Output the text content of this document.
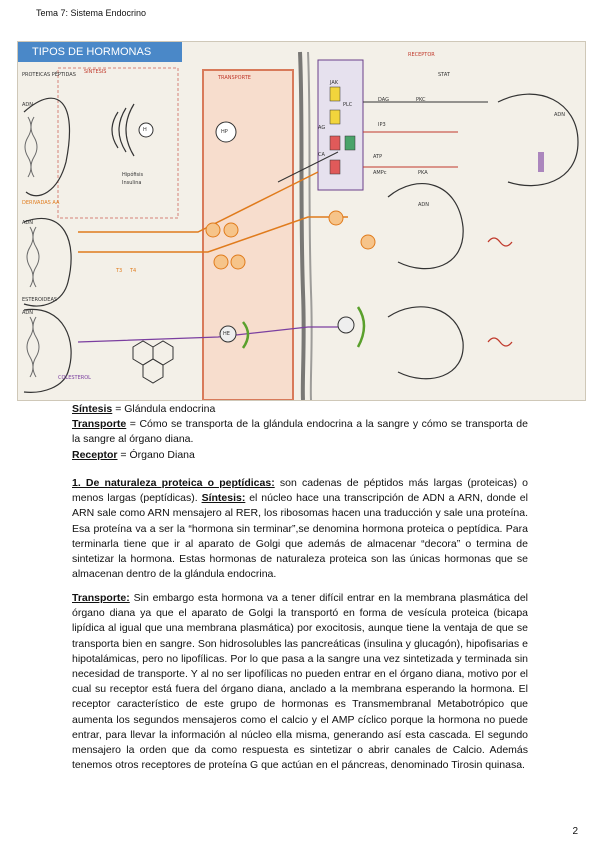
Tema 7: Sistema Endocrino
TIPOS DE HORMONAS
PROTEICAS PÉPTIDAS SÍNTESIS
TRANSPORTE
RECEPTOR
DERIVADAS AA
ESTEROIDEAS
ADN
ADN
ADN
ADN
ADN
AG
CA	ATP
AMPc	PKA
JAK
STAT
PLC
IP3
DAG	PKC
T3 T4
HP
H
HE
COLESTEROL
Hipófisis
Insulina

Síntesis = Glándula endocrina

Transporte = Cómo se transporta de la glándula endocrina a la sangre y cómo se transporta de la sangre al órgano diana.

Receptor = Órgano Diana

1. De naturaleza proteica o peptídicas: son cadenas de péptidos más largas (proteicas) o menos largas (peptídicas). Síntesis: el núcleo hace una transcripción de ADN a ARN, donde el ARN sale como ARN mensajero al RER, los ribosomas hacen una traducción y sale una proteína. Esa proteína va a ser la “hormona sin terminar”,se denomina hormona proteica o peptídica. Para terminarla tiene que ir al aparato de Golgi que además de almacenar “decora” o termina de sintetizar la hormona. Estas hormonas de naturaleza proteica son las únicas hormonas que se almacenan dentro de la glándula endocrina.

Transporte: Sin embargo esta hormona va a tener difícil entrar en la membrana plasmática del órgano diana ya que el aparato de Golgi la transportó en forma de vesícula proteica (bicapa lipídica al igual que una membrana plasmática) por exocitosis, aunque tiene la ventaja de que se transporta bien en sangre. Son hidrosolubles las pancreáticas (insulina y glucagón), hipofisarias e hipotalámicas, pero no lipofílicas. Por lo que pasa a la sangre una vez sintetizada y terminada sin necesidad de transporte. Y al no ser lipofílicas no pueden entrar en el órgano diana, motivo por el cual su receptor está fuera del órgano diana, anclado a la membrana esperando la hormona. El receptor característico de este grupo de hormonas es Transmembranal Metabotrópico que aumenta los segundos mensajeros como el calcio y el AMP cíclico porque la hormona no puede entrar, para llevar la información al núcleo ella misma, generando así esta cascada. El segundo mensajero la orden que da como respuesta es sintetizar o abrir canales de Calcio. Además tenemos otros receptores de proteína G que actúan en el páncreas, denominado Tirosin quinasa.

2
